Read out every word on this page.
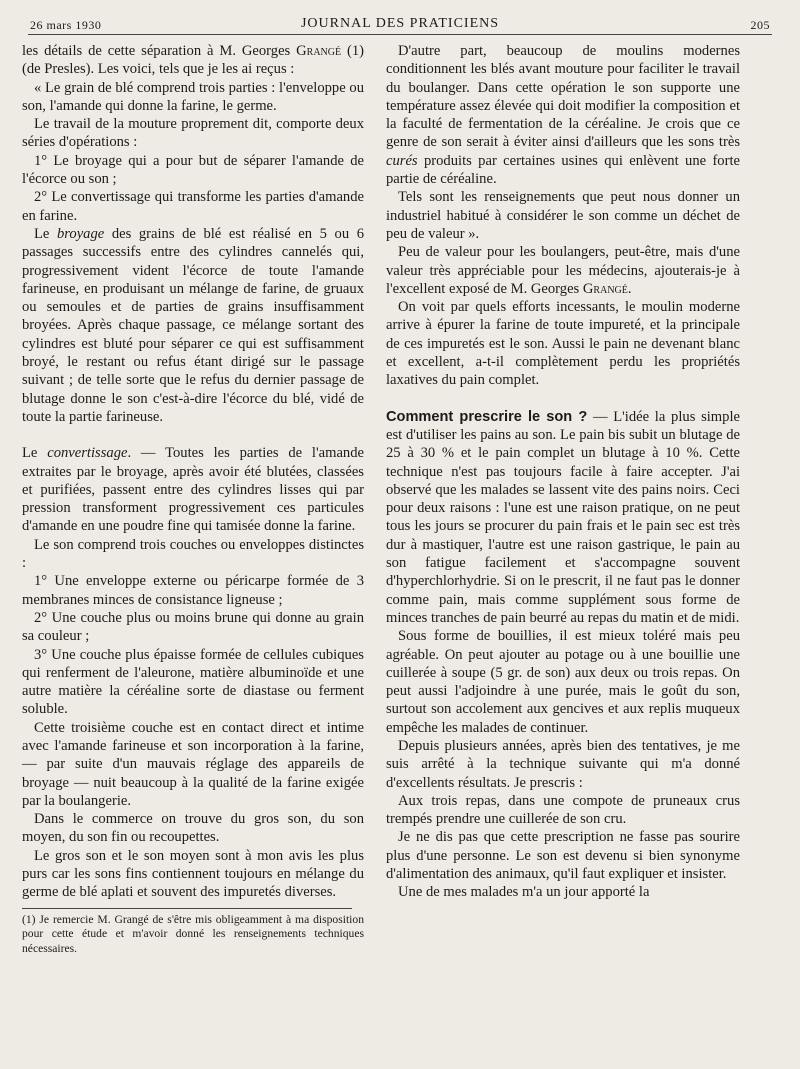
26 mars 1930	JOURNAL DES PRATICIENS	205

les détails de cette séparation à M. Georges Grangé (1) (de Presles). Les voici, tels que je les ai reçus :

« Le grain de blé comprend trois parties : l'enveloppe ou son, l'amande qui donne la farine, le germe.

Le travail de la mouture proprement dit, comporte deux séries d'opérations :

1° Le broyage qui a pour but de séparer l'amande de l'écorce ou son ;

2° Le convertissage qui transforme les parties d'amande en farine.

Le broyage des grains de blé est réalisé en 5 ou 6 passages successifs entre des cylindres cannelés qui, progressivement vident l'écorce de toute l'amande farineuse, en produisant un mélange de farine, de gruaux ou semoules et de parties de grains insuffisamment broyées. Après chaque passage, ce mélange sortant des cylindres est bluté pour séparer ce qui est suffisamment broyé, le restant ou refus étant dirigé sur le passage suivant ; de telle sorte que le refus du dernier passage de blutage donne le son c'est-à-dire l'écorce du blé, vidé de toute la partie farineuse.

Le convertissage. — Toutes les parties de l'amande extraites par le broyage, après avoir été blutées, classées et purifiées, passent entre des cylindres lisses qui par pression transforment progressivement ces particules d'amande en une poudre fine qui tamisée donne la farine.

Le son comprend trois couches ou enveloppes distinctes :

1° Une enveloppe externe ou péricarpe formée de 3 membranes minces de consistance ligneuse ;

2° Une couche plus ou moins brune qui donne au grain sa couleur ;

3° Une couche plus épaisse formée de cellules cubiques qui renferment de l'aleurone, matière albuminoïde et une autre matière la céréaline sorte de diastase ou ferment soluble.

Cette troisième couche est en contact direct et intime avec l'amande farineuse et son incorporation à la farine, — par suite d'un mauvais réglage des appareils de broyage — nuit beaucoup à la qualité de la farine exigée par la boulangerie.

Dans le commerce on trouve du gros son, du son moyen, du son fin ou recoupettes.

Le gros son et le son moyen sont à mon avis les plus purs car les sons fins contiennent toujours en mélange du germe de blé aplati et souvent des impuretés diverses.

(1) Je remercie M. Grangé de s'être mis obligeamment à ma disposition pour cette étude et m'avoir donné les renseignements techniques nécessaires.

D'autre part, beaucoup de moulins modernes conditionnent les blés avant mouture pour faciliter le travail du boulanger. Dans cette opération le son supporte une température assez élevée qui doit modifier la composition et la faculté de fermentation de la céréaline. Je crois que ce genre de son serait à éviter ainsi d'ailleurs que les sons très curés produits par certaines usines qui enlèvent une forte partie de céréaline.

Tels sont les renseignements que peut nous donner un industriel habitué à considérer le son comme un déchet de peu de valeur ».

Peu de valeur pour les boulangers, peut-être, mais d'une valeur très appréciable pour les médecins, ajouterais-je à l'excellent exposé de M. Georges Grangé.

On voit par quels efforts incessants, le moulin moderne arrive à épurer la farine de toute impureté, et la principale de ces impuretés est le son. Aussi le pain ne devenant blanc et excellent, a-t-il complètement perdu les propriétés laxatives du pain complet.

Comment prescrire le son ? — L'idée la plus simple est d'utiliser les pains au son. Le pain bis subit un blutage de 25 à 30 % et le pain complet un blutage à 10 %. Cette technique n'est pas toujours facile à faire accepter. J'ai observé que les malades se lassent vite des pains noirs. Ceci pour deux raisons : l'une est une raison pratique, on ne peut tous les jours se procurer du pain frais et le pain sec est très dur à mastiquer, l'autre est une raison gastrique, le pain au son fatigue facilement et s'accompagne souvent d'hyperchlorhydrie. Si on le prescrit, il ne faut pas le donner comme pain, mais comme supplément sous forme de minces tranches de pain beurré au repas du matin et de midi.

Sous forme de bouillies, il est mieux toléré mais peu agréable. On peut ajouter au potage ou à une bouillie une cuillerée à soupe (5 gr. de son) aux deux ou trois repas. On peut aussi l'adjoindre à une purée, mais le goût du son, surtout son accolement aux gencives et aux replis muqueux empêche les malades de continuer.

Depuis plusieurs années, après bien des tentatives, je me suis arrêté à la technique suivante qui m'a donné d'excellents résultats. Je prescris :

Aux trois repas, dans une compote de pruneaux crus trempés prendre une cuillerée de son cru.

Je ne dis pas que cette prescription ne fasse pas sourire plus d'une personne. Le son est devenu si bien synonyme d'alimentation des animaux, qu'il faut expliquer et insister.

Une de mes malades m'a un jour apporté la
